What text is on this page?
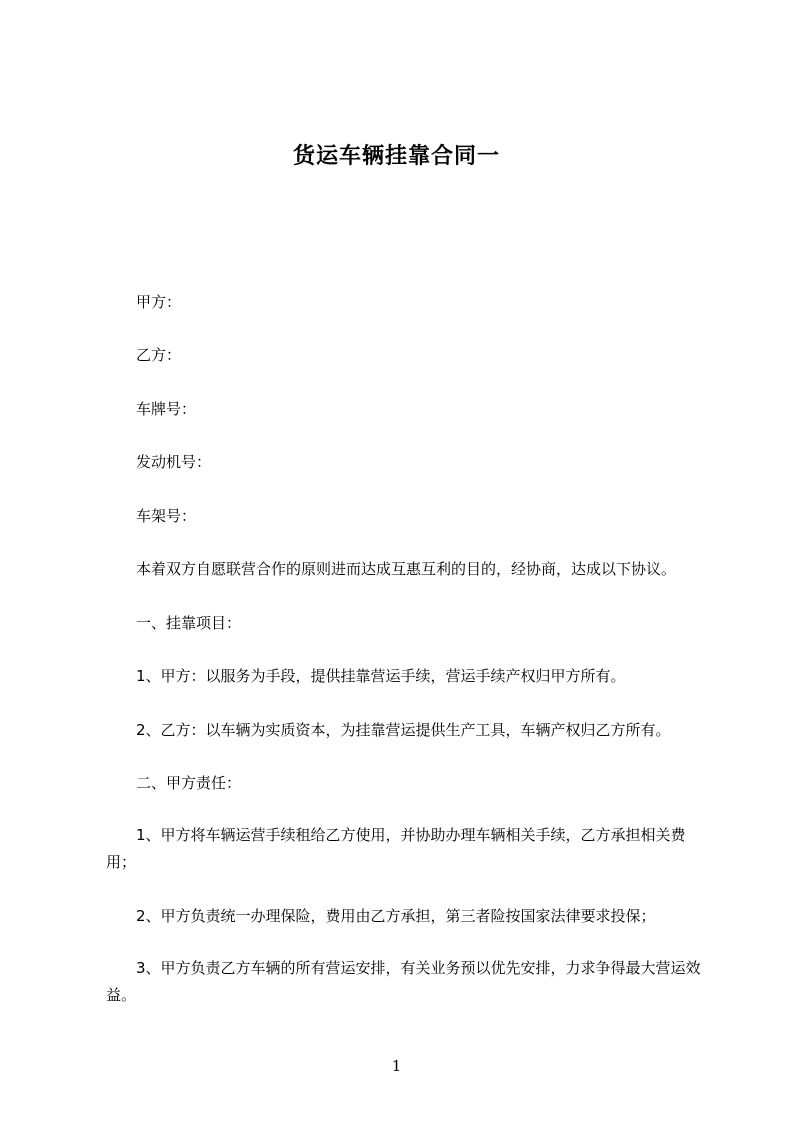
货运车辆挂靠合同一
甲方：
乙方：
车牌号：
发动机号：
车架号：
本着双方自愿联营合作的原则进而达成互惠互利的目的，经协商，达成以下协议。
一、挂靠项目：
1、甲方：以服务为手段，提供挂靠营运手续，营运手续产权归甲方所有。
2、乙方：以车辆为实质资本，为挂靠营运提供生产工具，车辆产权归乙方所有。
二、甲方责任：
1、甲方将车辆运营手续租给乙方使用，并协助办理车辆相关手续，乙方承担相关费用；
2、甲方负责统一办理保险，费用由乙方承担，第三者险按国家法律要求投保；
3、甲方负责乙方车辆的所有营运安排，有关业务预以优先安排，力求争得最大营运效益。
1
